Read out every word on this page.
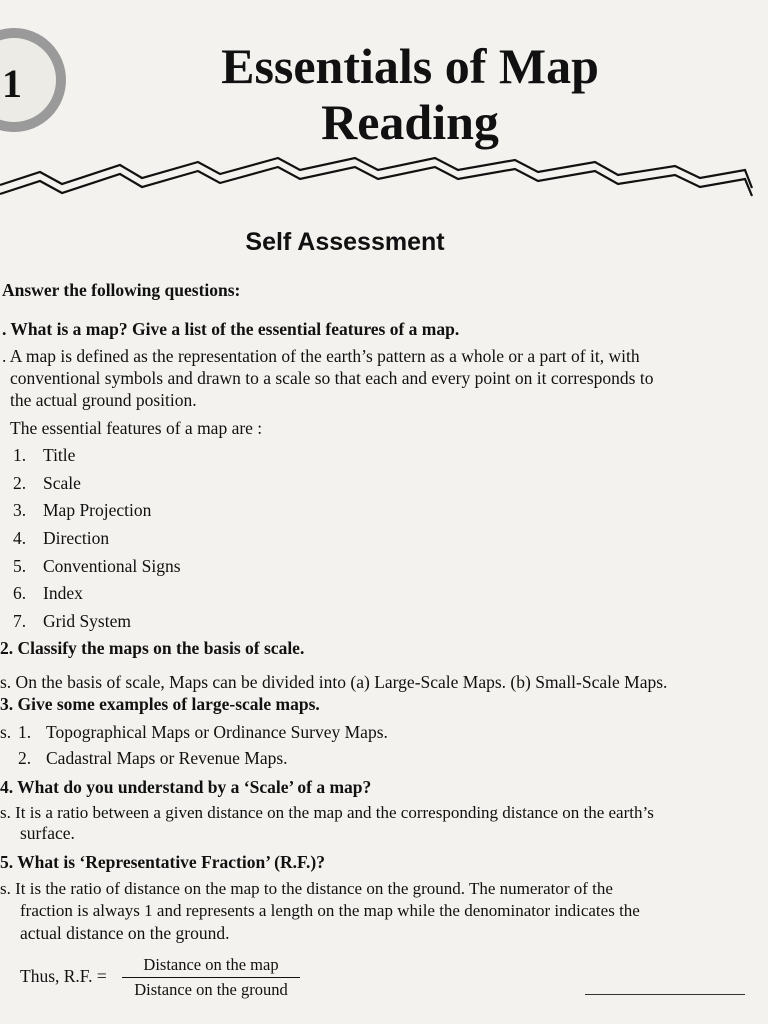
1	Essentials of Map
Reading
Self Assessment
Answer the following questions:
. What is a map? Give a list of the essential features of a map.
. A map is defined as the representation of the earth’s pattern as a whole or a part of it, with
conventional symbols and drawn to a scale so that each and every point on it corresponds to
the actual ground position.
The essential features of a map are :
1. Title
2. Scale
3. Map Projection
4. Direction
5. Conventional Signs
6. Index
7. Grid System
2. Classify the maps on the basis of scale.
s. On the basis of scale, Maps can be divided into (a) Large-Scale Maps. (b) Small-Scale Maps.
3. Give some examples of large-scale maps.
s. 1. Topographical Maps or Ordinance Survey Maps.
2. Cadastral Maps or Revenue Maps.
4. What do you understand by a ‘Scale’ of a map?
s. It is a ratio between a given distance on the map and the corresponding distance on the earth’s
surface.
5. What is ‘Representative Fraction’ (R.F.)?
s. It is the ratio of distance on the map to the distance on the ground. The numerator of the
fraction is always 1 and represents a length on the map while the denominator indicates the
actual distance on the ground.
Thus, R.F. =
Distance on the map
Distance on the ground
